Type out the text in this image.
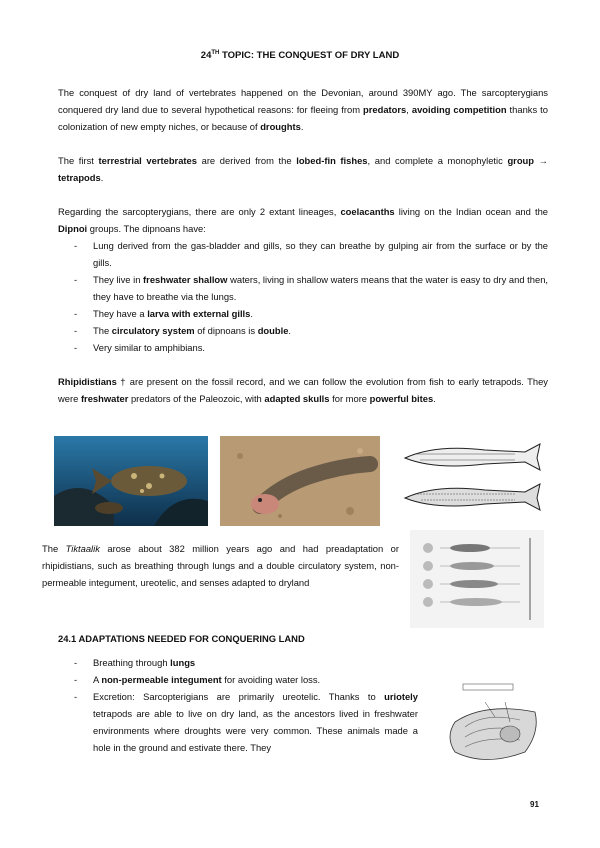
24TH TOPIC: THE CONQUEST OF DRY LAND

The conquest of dry land of vertebrates happened on the Devonian, around 390MY ago. The sarcopterygians conquered dry land due to several hypothetical reasons: for fleeing from predators, avoiding competition thanks to colonization of new empty niches, or because of droughts.

The first terrestrial vertebrates are derived from the lobed-fin fishes, and complete a monophyletic group → tetrapods.

Regarding the sarcopterygians, there are only 2 extant lineages, coelacanths living on the Indian ocean and the Dipnoi groups. The dipnoans have:

- Lung derived from the gas-bladder and gills, so they can breathe by gulping air from the surface or by the gills.
- They live in freshwater shallow waters, living in shallow waters means that the water is easy to dry and then, they have to breathe via the lungs.
- They have a larva with external gills.
- The circulatory system of dipnoans is double.
- Very similar to amphibians.

Rhipidistians † are present on the fossil record, and we can follow the evolution from fish to early tetrapods. They were freshwater predators of the Paleozoic, with adapted skulls for more powerful bites.

The Tiktaalik arose about 382 million years ago and had preadaptation or rhipidistians, such as breathing through lungs and a double circulatory system, non-permeable integument, ureotelic, and senses adapted to dryland

24.1 ADAPTATIONS NEEDED FOR CONQUERING LAND
- Breathing through lungs
- A non-permeable integument for avoiding water loss.
- Excretion: Sarcopterigians are primarily ureotelic. Thanks to uriotely tetrapods are able to live on dry land, as the ancestors lived in freshwater environments where droughts were very common. These animals made a hole in the ground and estivate there. They
91
